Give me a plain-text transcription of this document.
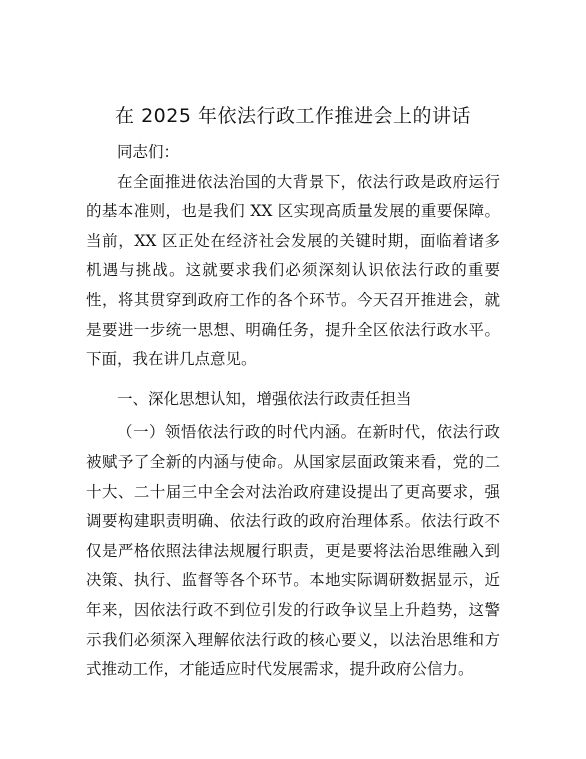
在 2025 年依法行政工作推进会上的讲话

同志们：

在全面推进依法治国的大背景下，依法行政是政府运行的基本准则，也是我们 XX 区实现高质量发展的重要保障。当前，XX 区正处在经济社会发展的关键时期，面临着诸多机遇与挑战。这就要求我们必须深刻认识依法行政的重要性，将其贯穿到政府工作的各个环节。今天召开推进会，就是要进一步统一思想、明确任务，提升全区依法行政水平。下面，我在讲几点意见。

一、深化思想认知，增强依法行政责任担当

（一）领悟依法行政的时代内涵。在新时代，依法行政被赋予了全新的内涵与使命。从国家层面政策来看，党的二十大、二十届三中全会对法治政府建设提出了更高要求，强调要构建职责明确、依法行政的政府治理体系。依法行政不仅是严格依照法律法规履行职责，更是要将法治思维融入到决策、执行、监督等各个环节。本地实际调研数据显示，近年来，因依法行政不到位引发的行政争议呈上升趋势，这警示我们必须深入理解依法行政的核心要义，以法治思维和方式推动工作，才能适应时代发展需求，提升政府公信力。
